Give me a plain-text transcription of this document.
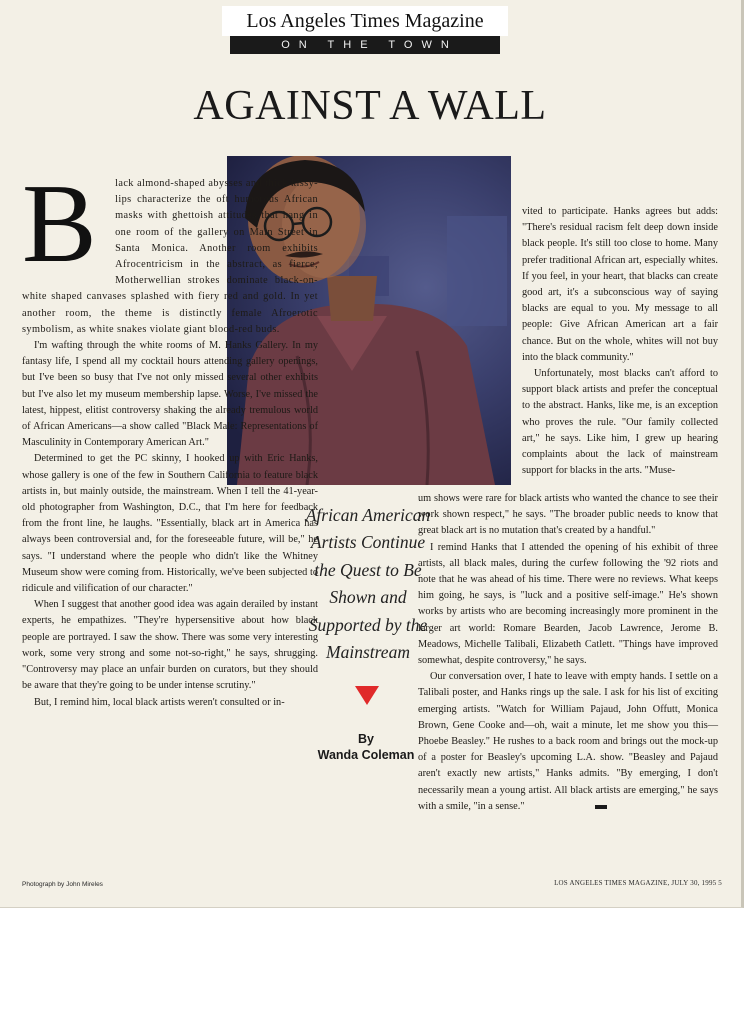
Los Angeles Times Magazine
ON THE TOWN
AGAINST A WALL

B lack almond-shaped abysses and thick kissy-lips characterize the oft humorous African masks with ghettoish attitudes that hang in one room of the gallery on Main Street in Santa Monica. Another room exhibits Afrocentricism in the abstract, as fierce, Motherwellian strokes dominate black-on-white shaped canvases splashed with fiery red and gold. In yet another room, the theme is distinctly female Afroerotic symbolism, as white snakes violate giant blood-red buds.

I'm wafting through the white rooms of M. Hanks Gallery. In my fantasy life, I spend all my cocktail hours attending gallery openings, but I've been so busy that I've not only missed several other exhibits but I've also let my museum membership lapse. Worse, I've missed the latest, hippest, elitist controversy shaking the already tremulous world of African Americans—a show called "Black Male: Representations of Masculinity in Contemporary American Art."

Determined to get the PC skinny, I hooked up with Eric Hanks, whose gallery is one of the few in Southern California to feature black artists in, but mainly outside, the mainstream. When I tell the 41-year-old photographer from Washington, D.C., that I'm here for feedback from the front line, he laughs. "Essentially, black art in America has always been controversial and, for the foreseeable future, will be," he says. "I understand where the people who didn't like the Whitney Museum show were coming from. Historically, we've been subjected to ridicule and vilification of our character."

When I suggest that another good idea was again derailed by instant experts, he empathizes. "They're hypersensitive about how black people are portrayed. I saw the show. There was some very interesting work, some very strong and some not-so-right," he says, shrugging. "Controversy may place an unfair burden on curators, but they should be aware that they're going to be under intense scrutiny."

But, I remind him, local black artists weren't consulted or in-

African American
Artists Continue
the Quest to Be
Shown and
Supported by the
Mainstream
By
Wanda Coleman

vited to participate. Hanks agrees but adds: "There's residual racism felt deep down inside black people. It's still too close to home. Many prefer traditional African art, especially whites. If you feel, in your heart, that blacks can create good art, it's a subconscious way of saying blacks are equal to you. My message to all people: Give African American art a fair chance. But on the whole, whites will not buy into the black community."

Unfortunately, most blacks can't afford to support black artists and prefer the conceptual to the abstract. Hanks, like me, is an exception who proves the rule. "Our family collected art," he says. Like him, I grew up hearing complaints about the lack of mainstream support for blacks in the arts. "Muse-

um shows were rare for black artists who wanted the chance to see their work shown respect," he says. "The broader public needs to know that great black art is no mutation that's created by a handful."

I remind Hanks that I attended the opening of his exhibit of three artists, all black males, during the curfew following the '92 riots and note that he was ahead of his time. There were no reviews. What keeps him going, he says, is "luck and a positive self-image." He's shown works by artists who are becoming increasingly more prominent in the larger art world: Romare Bearden, Jacob Lawrence, Jerome B. Meadows, Michelle Talibali, Elizabeth Catlett. "Things have improved somewhat, despite controversy," he says.

Our conversation over, I hate to leave with empty hands. I settle on a Talibali poster, and Hanks rings up the sale. I ask for his list of exciting emerging artists. "Watch for William Pajaud, John Offutt, Monica Brown, Gene Cooke and—oh, wait a minute, let me show you this—Phoebe Beasley." He rushes to a back room and brings out the mock-up of a poster for Beasley's upcoming L.A. show. "Beasley and Pajaud aren't exactly new artists," Hanks admits. "By emerging, I don't necessarily mean a young artist. All black artists are emerging," he says with a smile, "in a sense."

Photograph by John Mireles	LOS ANGELES TIMES MAGAZINE, JULY 30, 1995 5
